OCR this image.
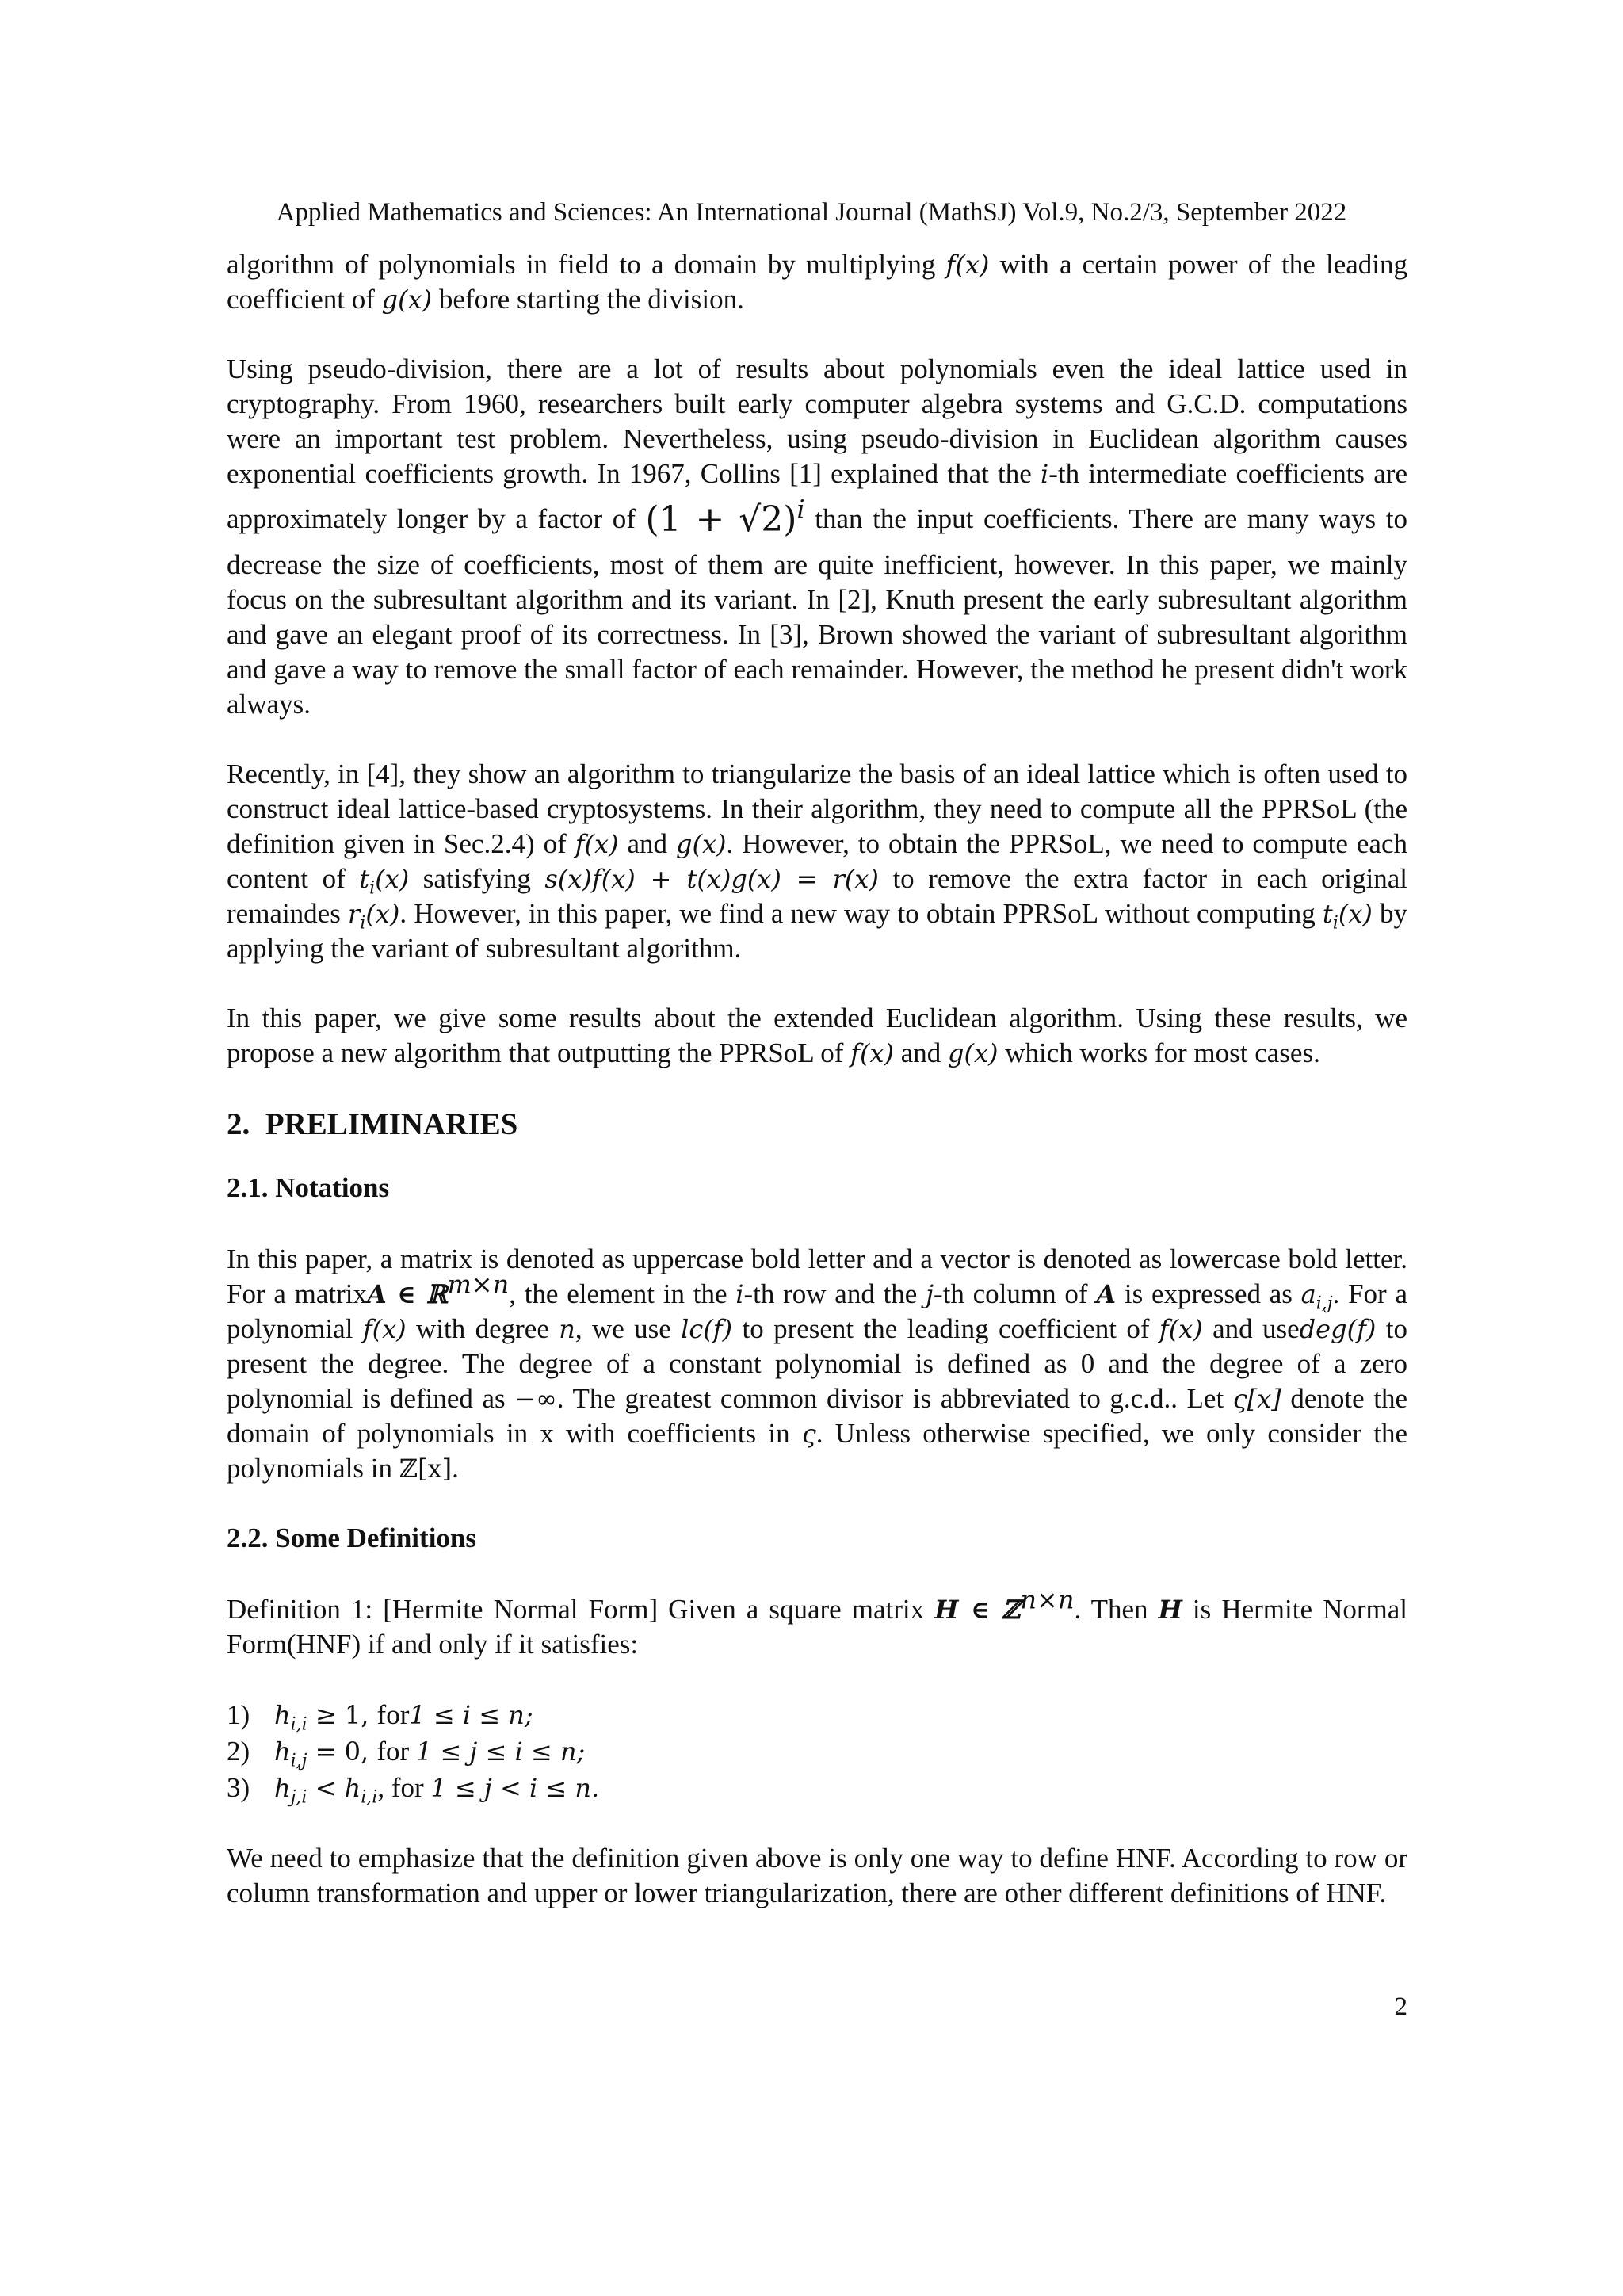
Applied Mathematics and Sciences: An International Journal (MathSJ) Vol.9, No.2/3, September 2022

algorithm of polynomials in field to a domain by multiplying f(x) with a certain power of the leading coefficient of g(x) before starting the division.

Using pseudo-division, there are a lot of results about polynomials even the ideal lattice used in cryptography. From 1960, researchers built early computer algebra systems and G.C.D. computations were an important test problem. Nevertheless, using pseudo-division in Euclidean algorithm causes exponential coefficients growth. In 1967, Collins [1] explained that the i-th intermediate coefficients are approximately longer by a factor of $(1 + √2)^i$ than the input coefficients. There are many ways to decrease the size of coefficients, most of them are quite inefficient, however. In this paper, we mainly focus on the subresultant algorithm and its variant. In [2], Knuth present the early subresultant algorithm and gave an elegant proof of its correctness. In [3], Brown showed the variant of subresultant algorithm and gave a way to remove the small factor of each remainder. However, the method he present didn't work always.

Recently, in [4], they show an algorithm to triangularize the basis of an ideal lattice which is often used to construct ideal lattice-based cryptosystems. In their algorithm, they need to compute all the PPRSoL (the definition given in Sec.2.4) of f(x) and g(x). However, to obtain the PPRSoL, we need to compute each content of $t_i(x)$ satisfying s(x)f(x) + t(x)g(x) = r(x) to remove the extra factor in each original remaindes $r_i(x)$. However, in this paper, we find a new way to obtain PPRSoL without computing $t_i(x)$ by applying the variant of subresultant algorithm.

In this paper, we give some results about the extended Euclidean algorithm. Using these results, we propose a new algorithm that outputting the PPRSoL of f(x) and g(x) which works for most cases.

2. PRELIMINARIES
2.1. Notations

In this paper, a matrix is denoted as uppercase bold letter and a vector is denoted as lowercase bold letter. For a matrixA ∈ ℝ$^{m\times n}$, the element in the i-th row and the j-th column of A is expressed as $a_{i,j}$. For a polynomial f(x) with degree n, we use lc(f) to present the leading coefficient of f(x) and usedeg(f) to present the degree. The degree of a constant polynomial is defined as 0 and the degree of a zero polynomial is defined as −∞. The greatest common divisor is abbreviated to g.c.d.. Let ς[x] denote the domain of polynomials in x with coefficients in ς. Unless otherwise specified, we only consider the polynomials in ℤ[x].

2.2. Some Definitions

Definition 1: [Hermite Normal Form] Given a square matrix H ∈ ℤ$^{n\times n}$. Then H is Hermite Normal Form(HNF) if and only if it satisfies:

1) $h_{i,i} \ge 1$, for1 ≤ i ≤ n;
2) $h_{i,j} = 0$, for 1 ≤ j ≤ i ≤ n;
3) $h_{j,i} < h_{i,i}$, for 1 ≤ j < i ≤ n.

We need to emphasize that the definition given above is only one way to define HNF. According to row or column transformation and upper or lower triangularization, there are other different definitions of HNF.

2
